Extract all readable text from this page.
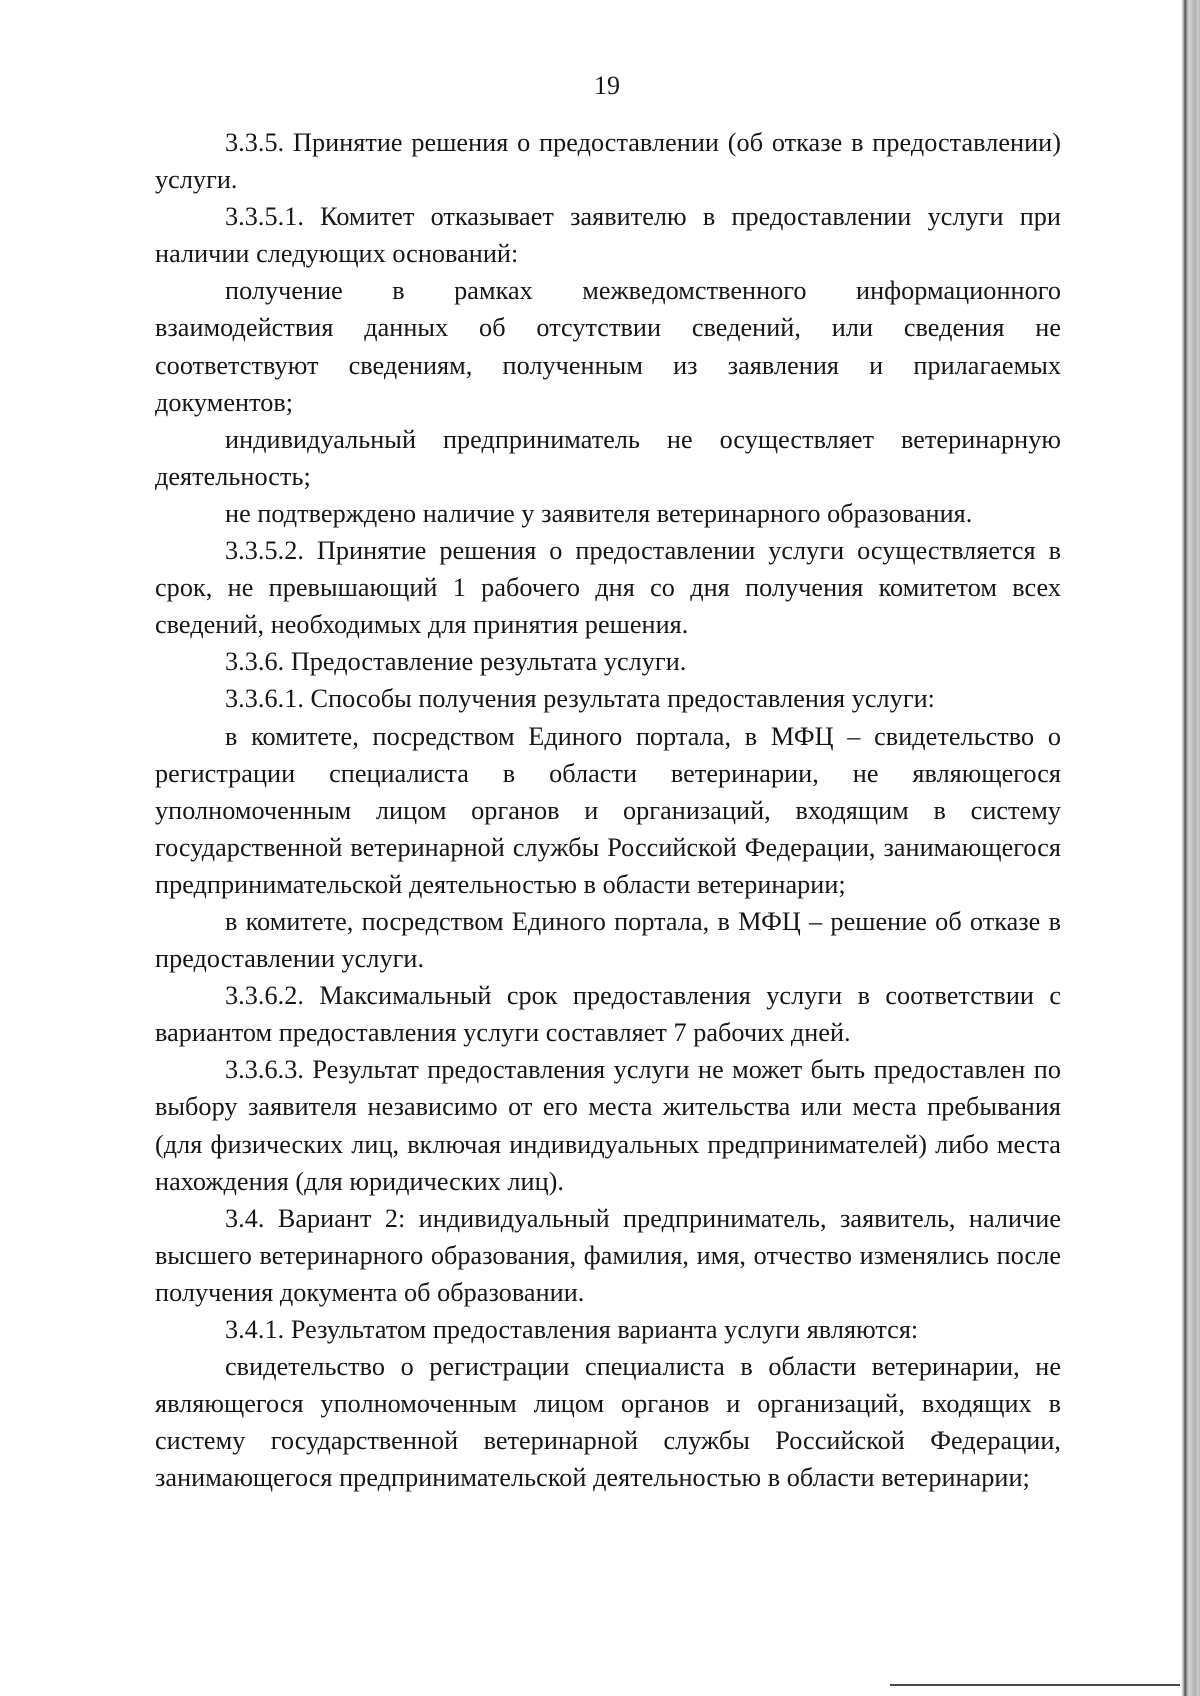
19

3.3.5. Принятие решения о предоставлении (об отказе в предоставлении) услуги.

3.3.5.1. Комитет отказывает заявителю в предоставлении услуги при наличии следующих оснований:

получение в рамках межведомственного информационного взаимодействия данных об отсутствии сведений, или сведения не соответствуют сведениям, полученным из заявления и прилагаемых документов;

индивидуальный предприниматель не осуществляет ветеринарную деятельность;

не подтверждено наличие у заявителя ветеринарного образования.

3.3.5.2. Принятие решения о предоставлении услуги осуществляется в срок, не превышающий 1 рабочего дня со дня получения комитетом всех сведений, необходимых для принятия решения.

3.3.6. Предоставление результата услуги.

3.3.6.1. Способы получения результата предоставления услуги:

в комитете, посредством Единого портала, в МФЦ – свидетельство о регистрации специалиста в области ветеринарии, не являющегося уполномоченным лицом органов и организаций, входящим в систему государственной ветеринарной службы Российской Федерации, занимающегося предпринимательской деятельностью в области ветеринарии;

в комитете, посредством Единого портала, в МФЦ – решение об отказе в предоставлении услуги.

3.3.6.2. Максимальный срок предоставления услуги в соответствии с вариантом предоставления услуги составляет 7 рабочих дней.

3.3.6.3. Результат предоставления услуги не может быть предоставлен по выбору заявителя независимо от его места жительства или места пребывания (для физических лиц, включая индивидуальных предпринимателей) либо места нахождения (для юридических лиц).

3.4. Вариант 2: индивидуальный предприниматель, заявитель, наличие высшего ветеринарного образования, фамилия, имя, отчество изменялись после получения документа об образовании.

3.4.1. Результатом предоставления варианта услуги являются:

свидетельство о регистрации специалиста в области ветеринарии, не являющегося уполномоченным лицом органов и организаций, входящих в систему государственной ветеринарной службы Российской Федерации, занимающегося предпринимательской деятельностью в области ветеринарии;
